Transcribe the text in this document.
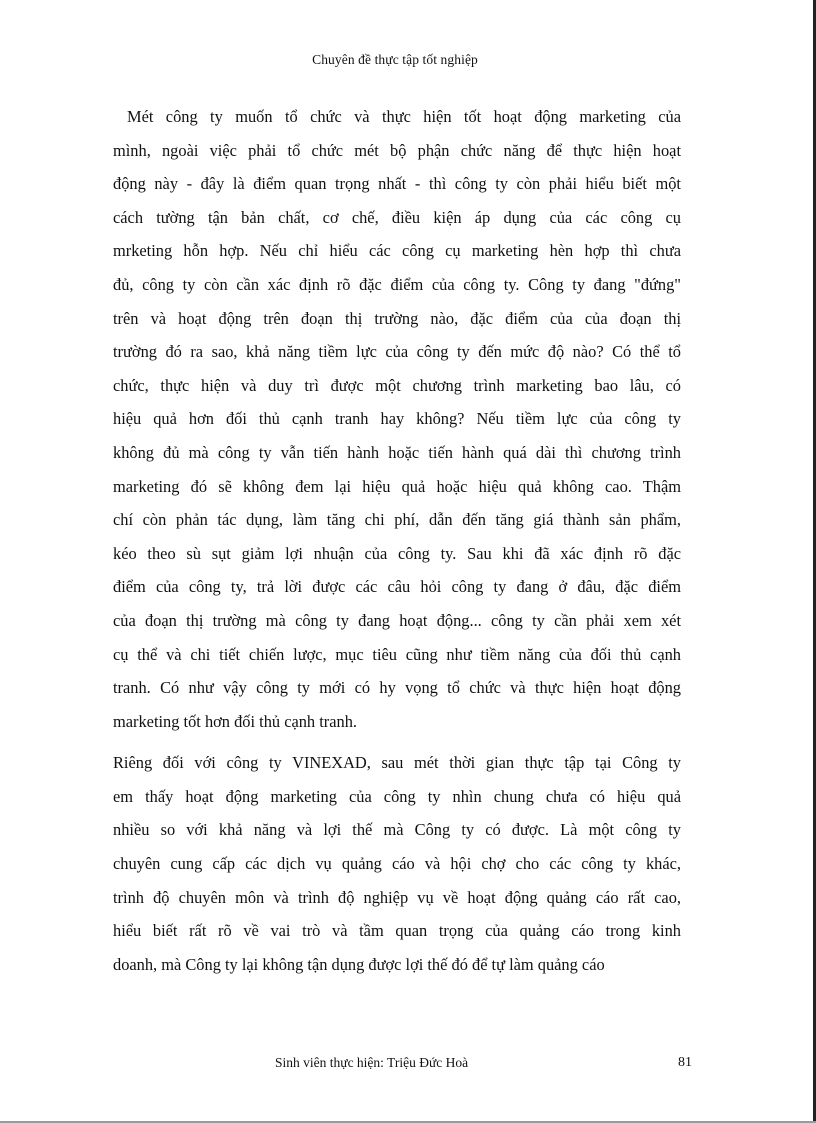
Chuyên đề thực tập tốt nghiệp
Mét công ty muốn tổ chức và thực hiện tốt hoạt động marketing của
mình, ngoài việc phải tổ chức mét bộ phận chức năng để thực hiện hoạt
động này - đây là điểm quan trọng nhất - thì công ty còn phải hiểu biết một
cách tường tận bản chất, cơ chế, điều kiện áp dụng của các công cụ
mrketing hỗn hợp. Nếu chỉ hiểu các công cụ marketing hèn hợp thì chưa
đủ, công ty còn cần xác định rõ đặc điểm của công ty. Công ty đang "đứng"
trên và hoạt động trên đoạn thị trường nào, đặc điểm của của đoạn thị
trường đó ra sao, khả năng tiềm lực của công ty đến mức độ nào? Có thể tổ
chức, thực hiện và duy trì được một chương trình marketing bao lâu, có
hiệu quả hơn đối thủ cạnh tranh hay không? Nếu tiềm lực của công ty
không đủ mà công ty vẫn tiến hành hoặc tiến hành quá dài thì chương trình
marketing đó sẽ không đem lại hiệu quả hoặc hiệu quả không cao. Thậm
chí còn phản tác dụng, làm tăng chi phí, dẫn đến tăng giá thành sản phẩm,
kéo theo sù sụt giảm lợi nhuận của công ty. Sau khi đã xác định rõ đặc
điểm của công ty, trả lời được các câu hỏi công ty đang ở đâu, đặc điểm
của đoạn thị trường mà công ty đang hoạt động... công ty cần phải xem xét
cụ thể và chi tiết chiến lược, mục tiêu cũng như tiềm năng của đối thủ cạnh
tranh. Có như vậy công ty mới có hy vọng tổ chức và thực hiện hoạt động
marketing tốt hơn đối thủ cạnh tranh.
Riêng đối với công ty VINEXAD, sau mét thời gian thực tập tại Công ty
em thấy hoạt động marketing của công ty nhìn chung chưa có hiệu quả
nhiều so với khả năng và lợi thế mà Công ty có được. Là một công ty
chuyên cung cấp các dịch vụ quảng cáo và hội chợ cho các công ty khác,
trình độ chuyên môn và trình độ nghiệp vụ về hoạt động quảng cáo rất cao,
hiểu biết rất rõ về vai trò và tầm quan trọng của quảng cáo trong kinh
doanh, mà Công ty lại không tận dụng được lợi thế đó để tự làm quảng cáo
Sinh viên thực hiện: Triệu Đức Hoà	81
